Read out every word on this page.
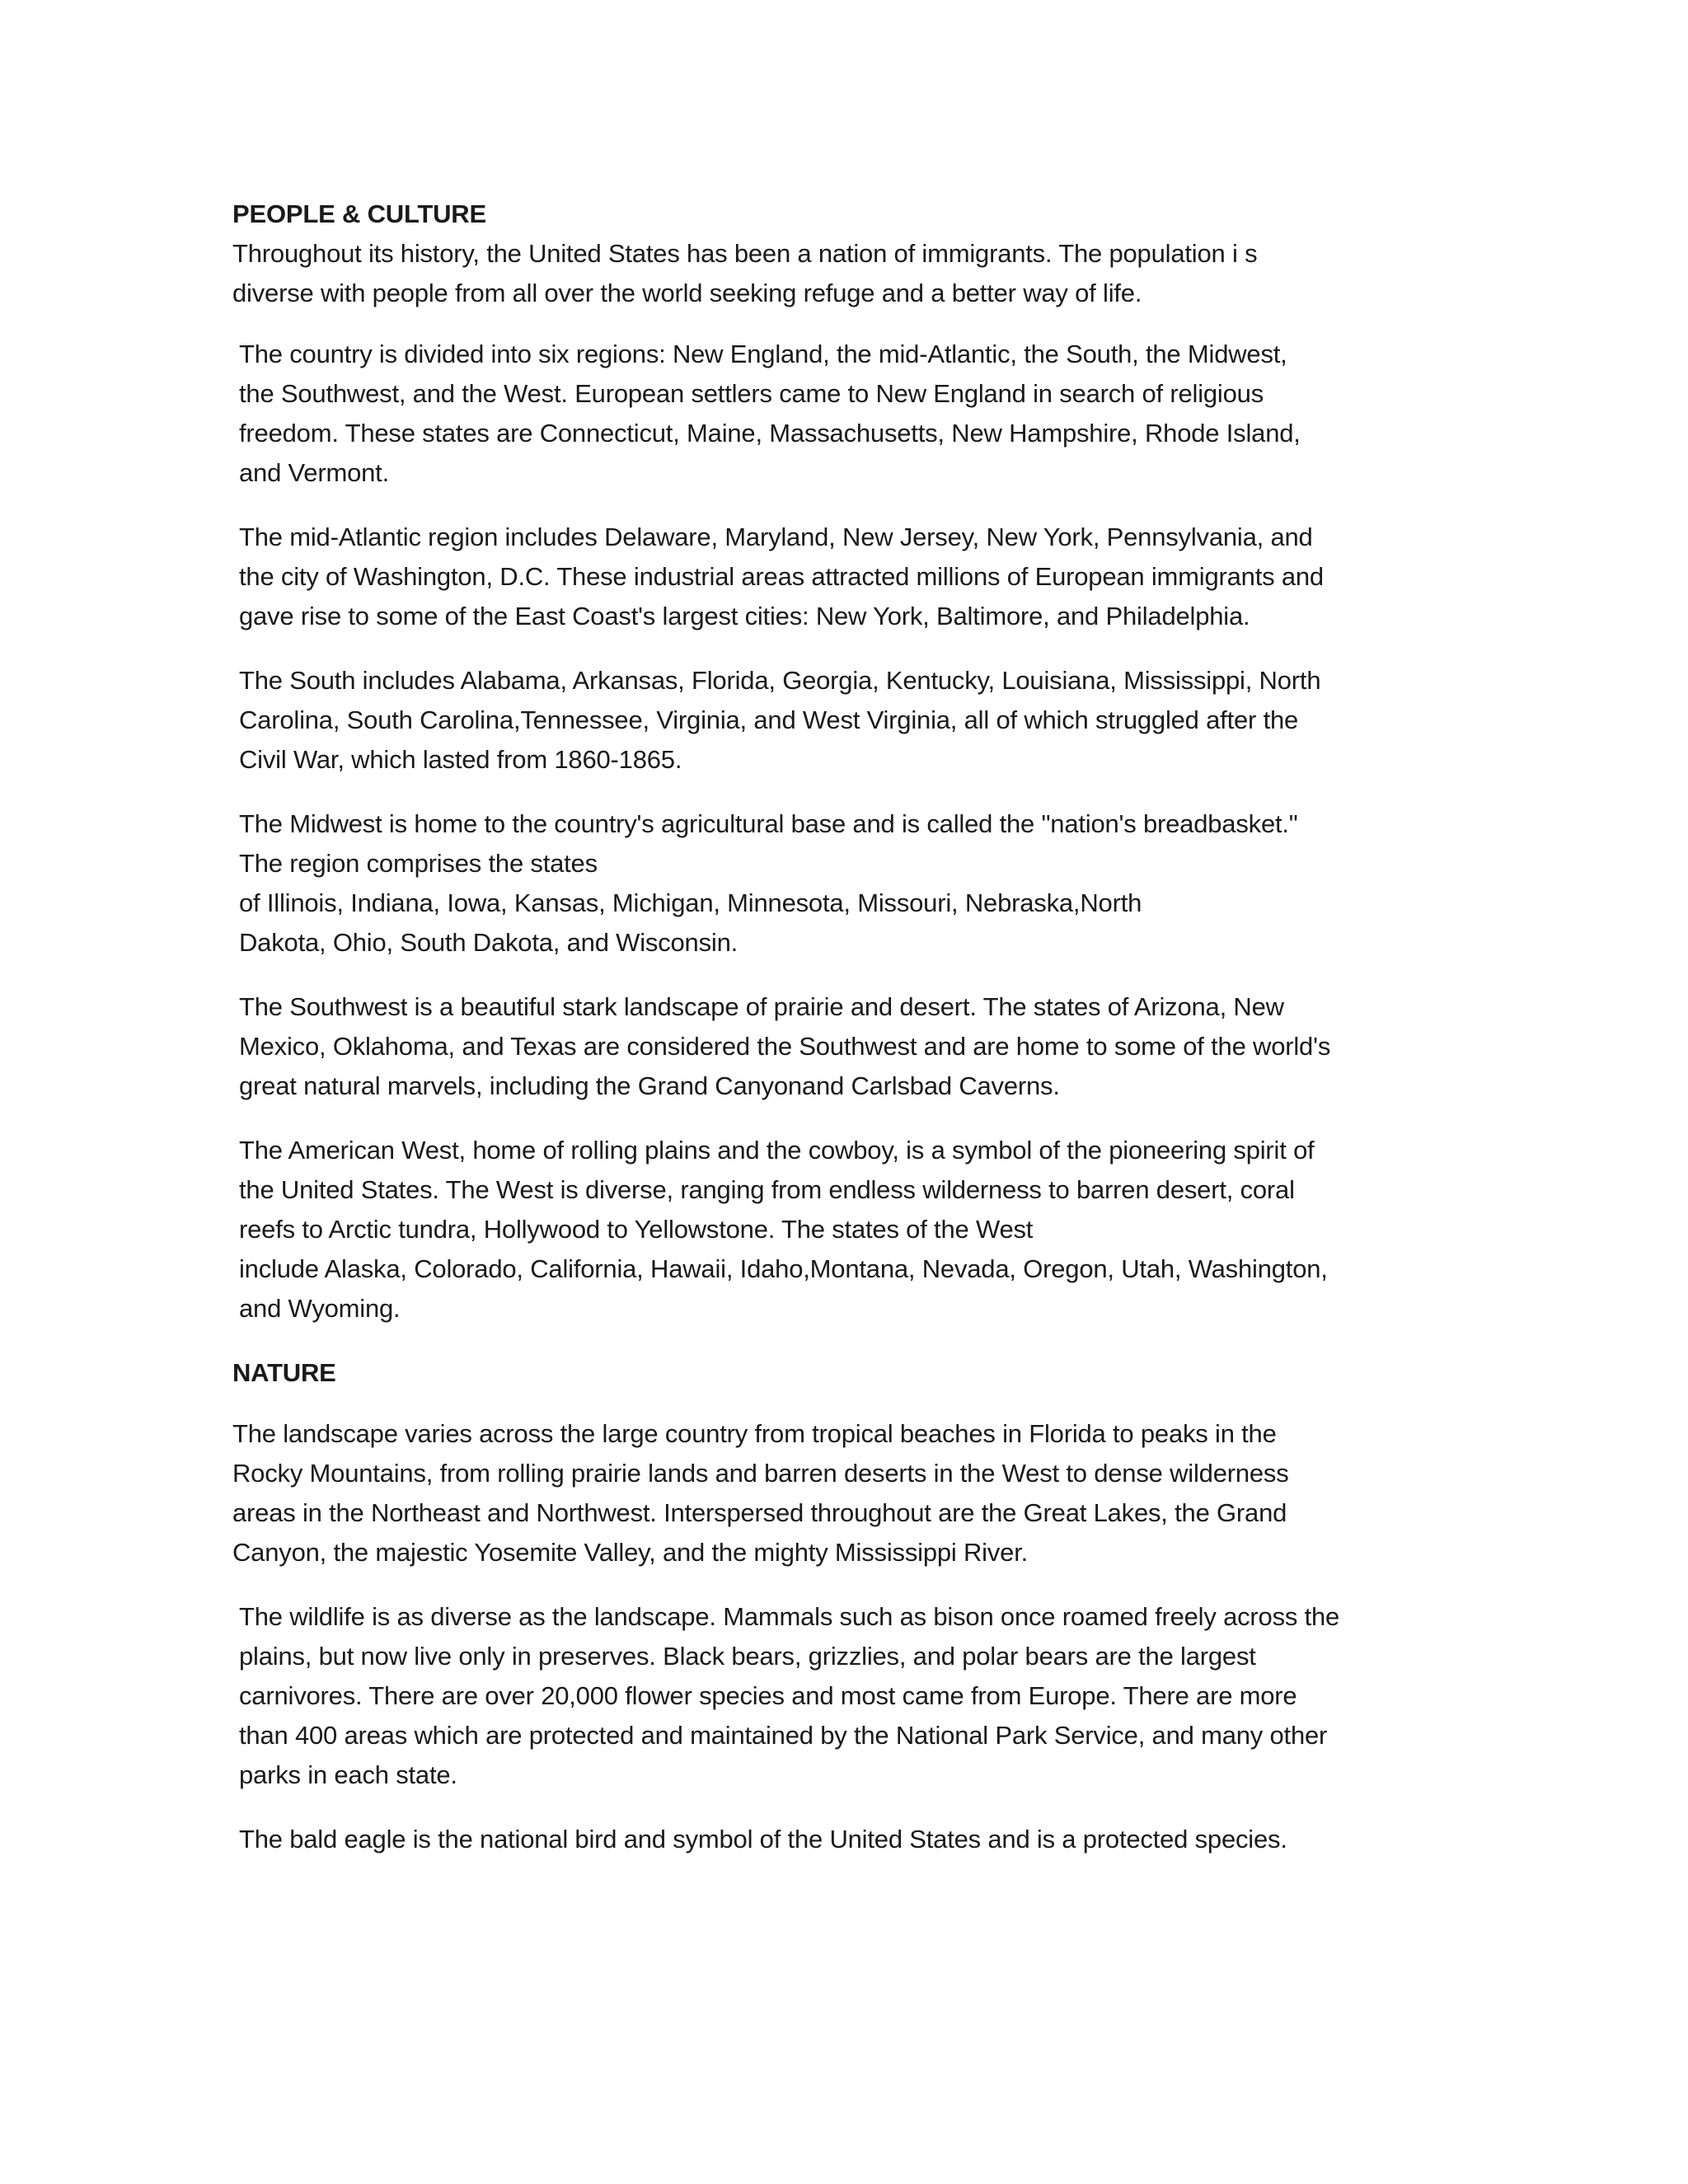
PEOPLE & CULTURE
Throughout its history, the United States has been a nation of immigrants. The population i s
diverse with people from all over the world seeking refuge and a better way of life.
The country is divided into six regions: New England, the mid-Atlantic, the South, the Midwest,
the Southwest, and the West. European settlers came to New England in search of religious
freedom. These states are Connecticut, Maine, Massachusetts, New Hampshire, Rhode Island,
and Vermont.
The mid-Atlantic region includes Delaware, Maryland, New Jersey, New York, Pennsylvania, and
the city of Washington, D.C. These industrial areas attracted millions of European immigrants and
gave rise to some of the East Coast's largest cities: New York, Baltimore, and Philadelphia.
The South includes Alabama, Arkansas, Florida, Georgia, Kentucky, Louisiana, Mississippi, North
Carolina, South Carolina,Tennessee, Virginia, and West Virginia, all of which struggled after the
Civil War, which lasted from 1860-1865.
The Midwest is home to the country's agricultural base and is called the "nation's breadbasket."
The region comprises the states
of Illinois, Indiana, Iowa, Kansas, Michigan, Minnesota, Missouri, Nebraska,North
Dakota, Ohio, South Dakota, and Wisconsin.
The Southwest is a beautiful stark landscape of prairie and desert. The states of Arizona, New
Mexico, Oklahoma, and Texas are considered the Southwest and are home to some of the world's
great natural marvels, including the Grand Canyonand Carlsbad Caverns.
The American West, home of rolling plains and the cowboy, is a symbol of the pioneering spirit of
the United States. The West is diverse, ranging from endless wilderness to barren desert, coral
reefs to Arctic tundra, Hollywood to Yellowstone. The states of the West
include Alaska, Colorado, California, Hawaii, Idaho,Montana, Nevada, Oregon, Utah, Washington,
and Wyoming.
NATURE
The landscape varies across the large country from tropical beaches in Florida to peaks in the
Rocky Mountains, from rolling prairie lands and barren deserts in the West to dense wilderness
areas in the Northeast and Northwest. Interspersed throughout are the Great Lakes, the Grand
Canyon, the majestic Yosemite Valley, and the mighty Mississippi River.
The wildlife is as diverse as the landscape. Mammals such as bison once roamed freely across the
plains, but now live only in preserves. Black bears, grizzlies, and polar bears are the largest
carnivores. There are over 20,000 flower species and most came from Europe. There are more
than 400 areas which are protected and maintained by the National Park Service, and many other
parks in each state.
The bald eagle is the national bird and symbol of the United States and is a protected species.
